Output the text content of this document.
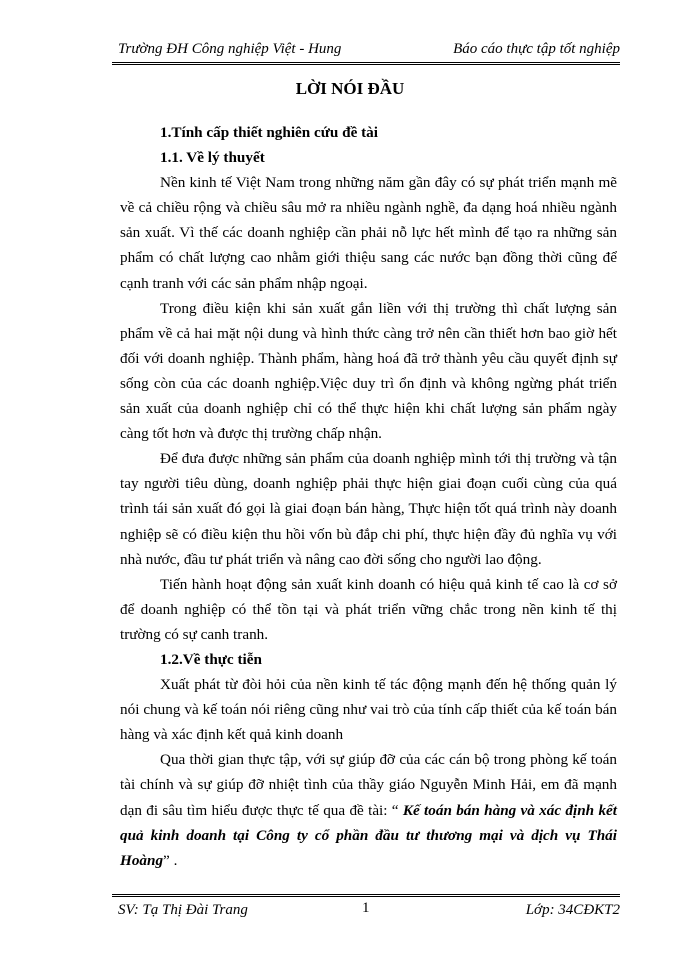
Trường ĐH Công nghiệp Việt - Hung	Báo cáo thực tập tốt nghiệp
LỜI NÓI ĐẦU

1.Tính cấp thiết nghiên cứu đề tài

1.1. Về lý thuyết

Nền kinh tế Việt Nam trong những năm gần đây có sự phát triển mạnh mẽ về cả chiều rộng và chiều sâu mở ra nhiều ngành nghề, đa dạng hoá nhiều ngành sản xuất. Vì thế các doanh nghiệp cần phải nỗ lực hết mình để tạo ra những sản phẩm có chất lượng cao nhằm giới thiệu sang các nước bạn đồng thời cũng để cạnh tranh với các sản phẩm nhập ngoại.

Trong điều kiện khi sản xuất gắn liền với thị trường thì chất lượng sản phẩm về cả hai mặt nội dung và hình thức càng trở nên cần thiết hơn bao giờ hết đối với doanh nghiệp. Thành phẩm, hàng hoá đã trở thành yêu cầu quyết định sự sống còn của các doanh nghiệp.Việc duy trì ổn định và không ngừng phát triển sản xuất của doanh nghiệp chỉ có thể thực hiện khi chất lượng sản phẩm ngày càng tốt hơn và được thị trường chấp nhận.

Để đưa được những sản phẩm của doanh nghiệp mình tới thị trường và tận tay người tiêu dùng, doanh nghiệp phải thực hiện giai đoạn cuối cùng của quá trình tái sản xuất đó gọi là giai đoạn bán hàng, Thực hiện tốt quá trình này doanh nghiệp sẽ có điều kiện thu hồi vốn bù đắp chi phí, thực hiện đầy đủ nghĩa vụ với nhà nước, đầu tư phát triển và nâng cao đời sống cho người lao động.

Tiến hành hoạt động sản xuất kinh doanh có hiệu quả kinh tế cao là cơ sở để doanh nghiệp có thể tồn tại và phát triển vững chắc trong nền kinh tế thị trường có sự canh tranh.

1.2.Về thực tiễn

Xuất phát từ đòi hỏi của nền kinh tế tác động mạnh đến hệ thống quản lý nói chung và kế toán nói riêng cũng như vai trò của tính cấp thiết của kế toán bán hàng và xác định kết quả kinh doanh

Qua thời gian thực tập, với sự giúp đỡ của các cán bộ trong phòng kế toán tài chính và sự giúp đỡ nhiệt tình của thầy giáo Nguyễn Minh Hải, em đã mạnh dạn đi sâu tìm hiểu được thực tế qua đề tài: “ Kế toán bán hàng và xác định kết quả kinh doanh tại Công ty cổ phần đầu tư thương mại và dịch vụ Thái Hoàng” .

SV: Tạ Thị Đài Trang	1	Lớp: 34CĐKT2
